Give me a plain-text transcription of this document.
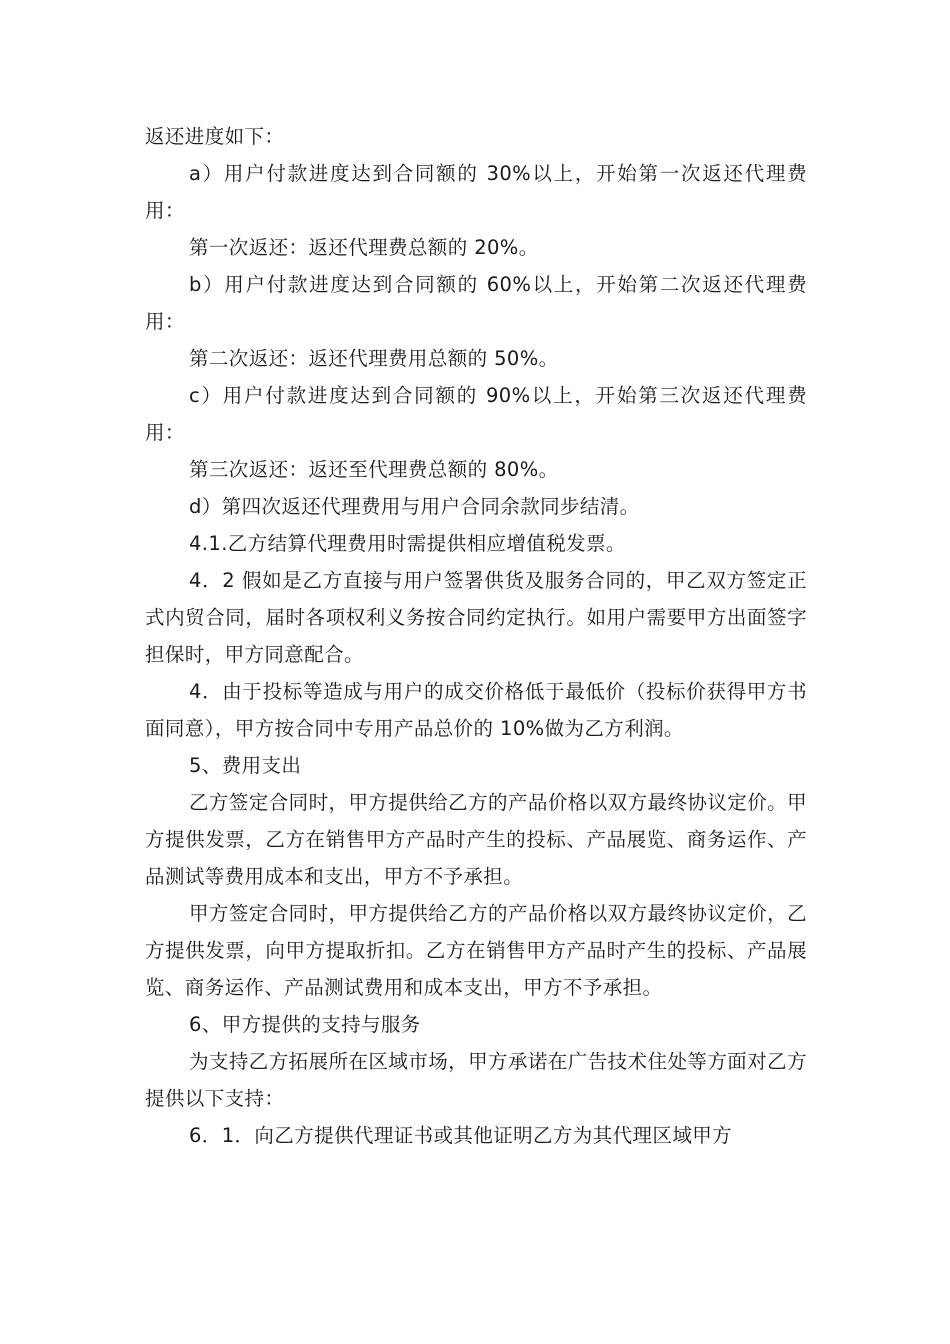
返还进度如下：

a）用户付款进度达到合同额的 30%以上，开始第一次返还代理费用：

第一次返还：返还代理费总额的 20%。

b）用户付款进度达到合同额的 60%以上，开始第二次返还代理费用：

第二次返还：返还代理费用总额的 50%。

c）用户付款进度达到合同额的 90%以上，开始第三次返还代理费用：

第三次返还：返还至代理费总额的 80%。

d）第四次返还代理费用与用户合同余款同步结清。

4.1.乙方结算代理费用时需提供相应增值税发票。

4．2 假如是乙方直接与用户签署供货及服务合同的，甲乙双方签定正式内贸合同，届时各项权利义务按合同约定执行。如用户需要甲方出面签字担保时，甲方同意配合。

4．由于投标等造成与用户的成交价格低于最低价（投标价获得甲方书面同意），甲方按合同中专用产品总价的 10%做为乙方利润。

5、费用支出

乙方签定合同时，甲方提供给乙方的产品价格以双方最终协议定价。甲方提供发票，乙方在销售甲方产品时产生的投标、产品展览、商务运作、产品测试等费用成本和支出，甲方不予承担。

甲方签定合同时，甲方提供给乙方的产品价格以双方最终协议定价，乙方提供发票，向甲方提取折扣。乙方在销售甲方产品时产生的投标、产品展览、商务运作、产品测试费用和成本支出，甲方不予承担。

6、甲方提供的支持与服务

为支持乙方拓展所在区域市场，甲方承诺在广告技术住处等方面对乙方提供以下支持：

6．1．向乙方提供代理证书或其他证明乙方为其代理区域甲方
